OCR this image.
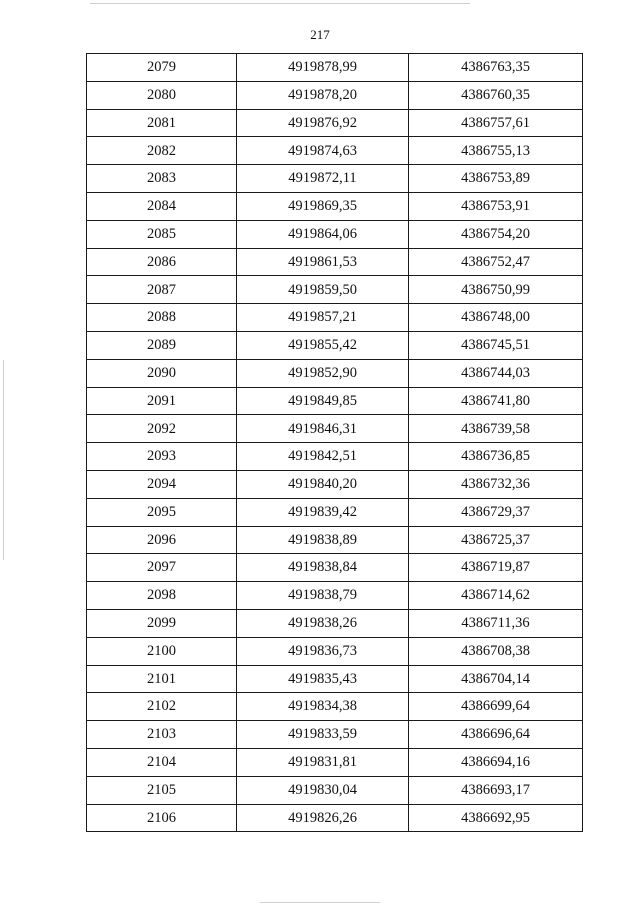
217
2079	4919878,99	4386763,35
2080	4919878,20	4386760,35
2081	4919876,92	4386757,61
2082	4919874,63	4386755,13
2083	4919872,11	4386753,89
2084	4919869,35	4386753,91
2085	4919864,06	4386754,20
2086	4919861,53	4386752,47
2087	4919859,50	4386750,99
2088	4919857,21	4386748,00
2089	4919855,42	4386745,51
2090	4919852,90	4386744,03
2091	4919849,85	4386741,80
2092	4919846,31	4386739,58
2093	4919842,51	4386736,85
2094	4919840,20	4386732,36
2095	4919839,42	4386729,37
2096	4919838,89	4386725,37
2097	4919838,84	4386719,87
2098	4919838,79	4386714,62
2099	4919838,26	4386711,36
2100	4919836,73	4386708,38
2101	4919835,43	4386704,14
2102	4919834,38	4386699,64
2103	4919833,59	4386696,64
2104	4919831,81	4386694,16
2105	4919830,04	4386693,17
2106	4919826,26	4386692,95
